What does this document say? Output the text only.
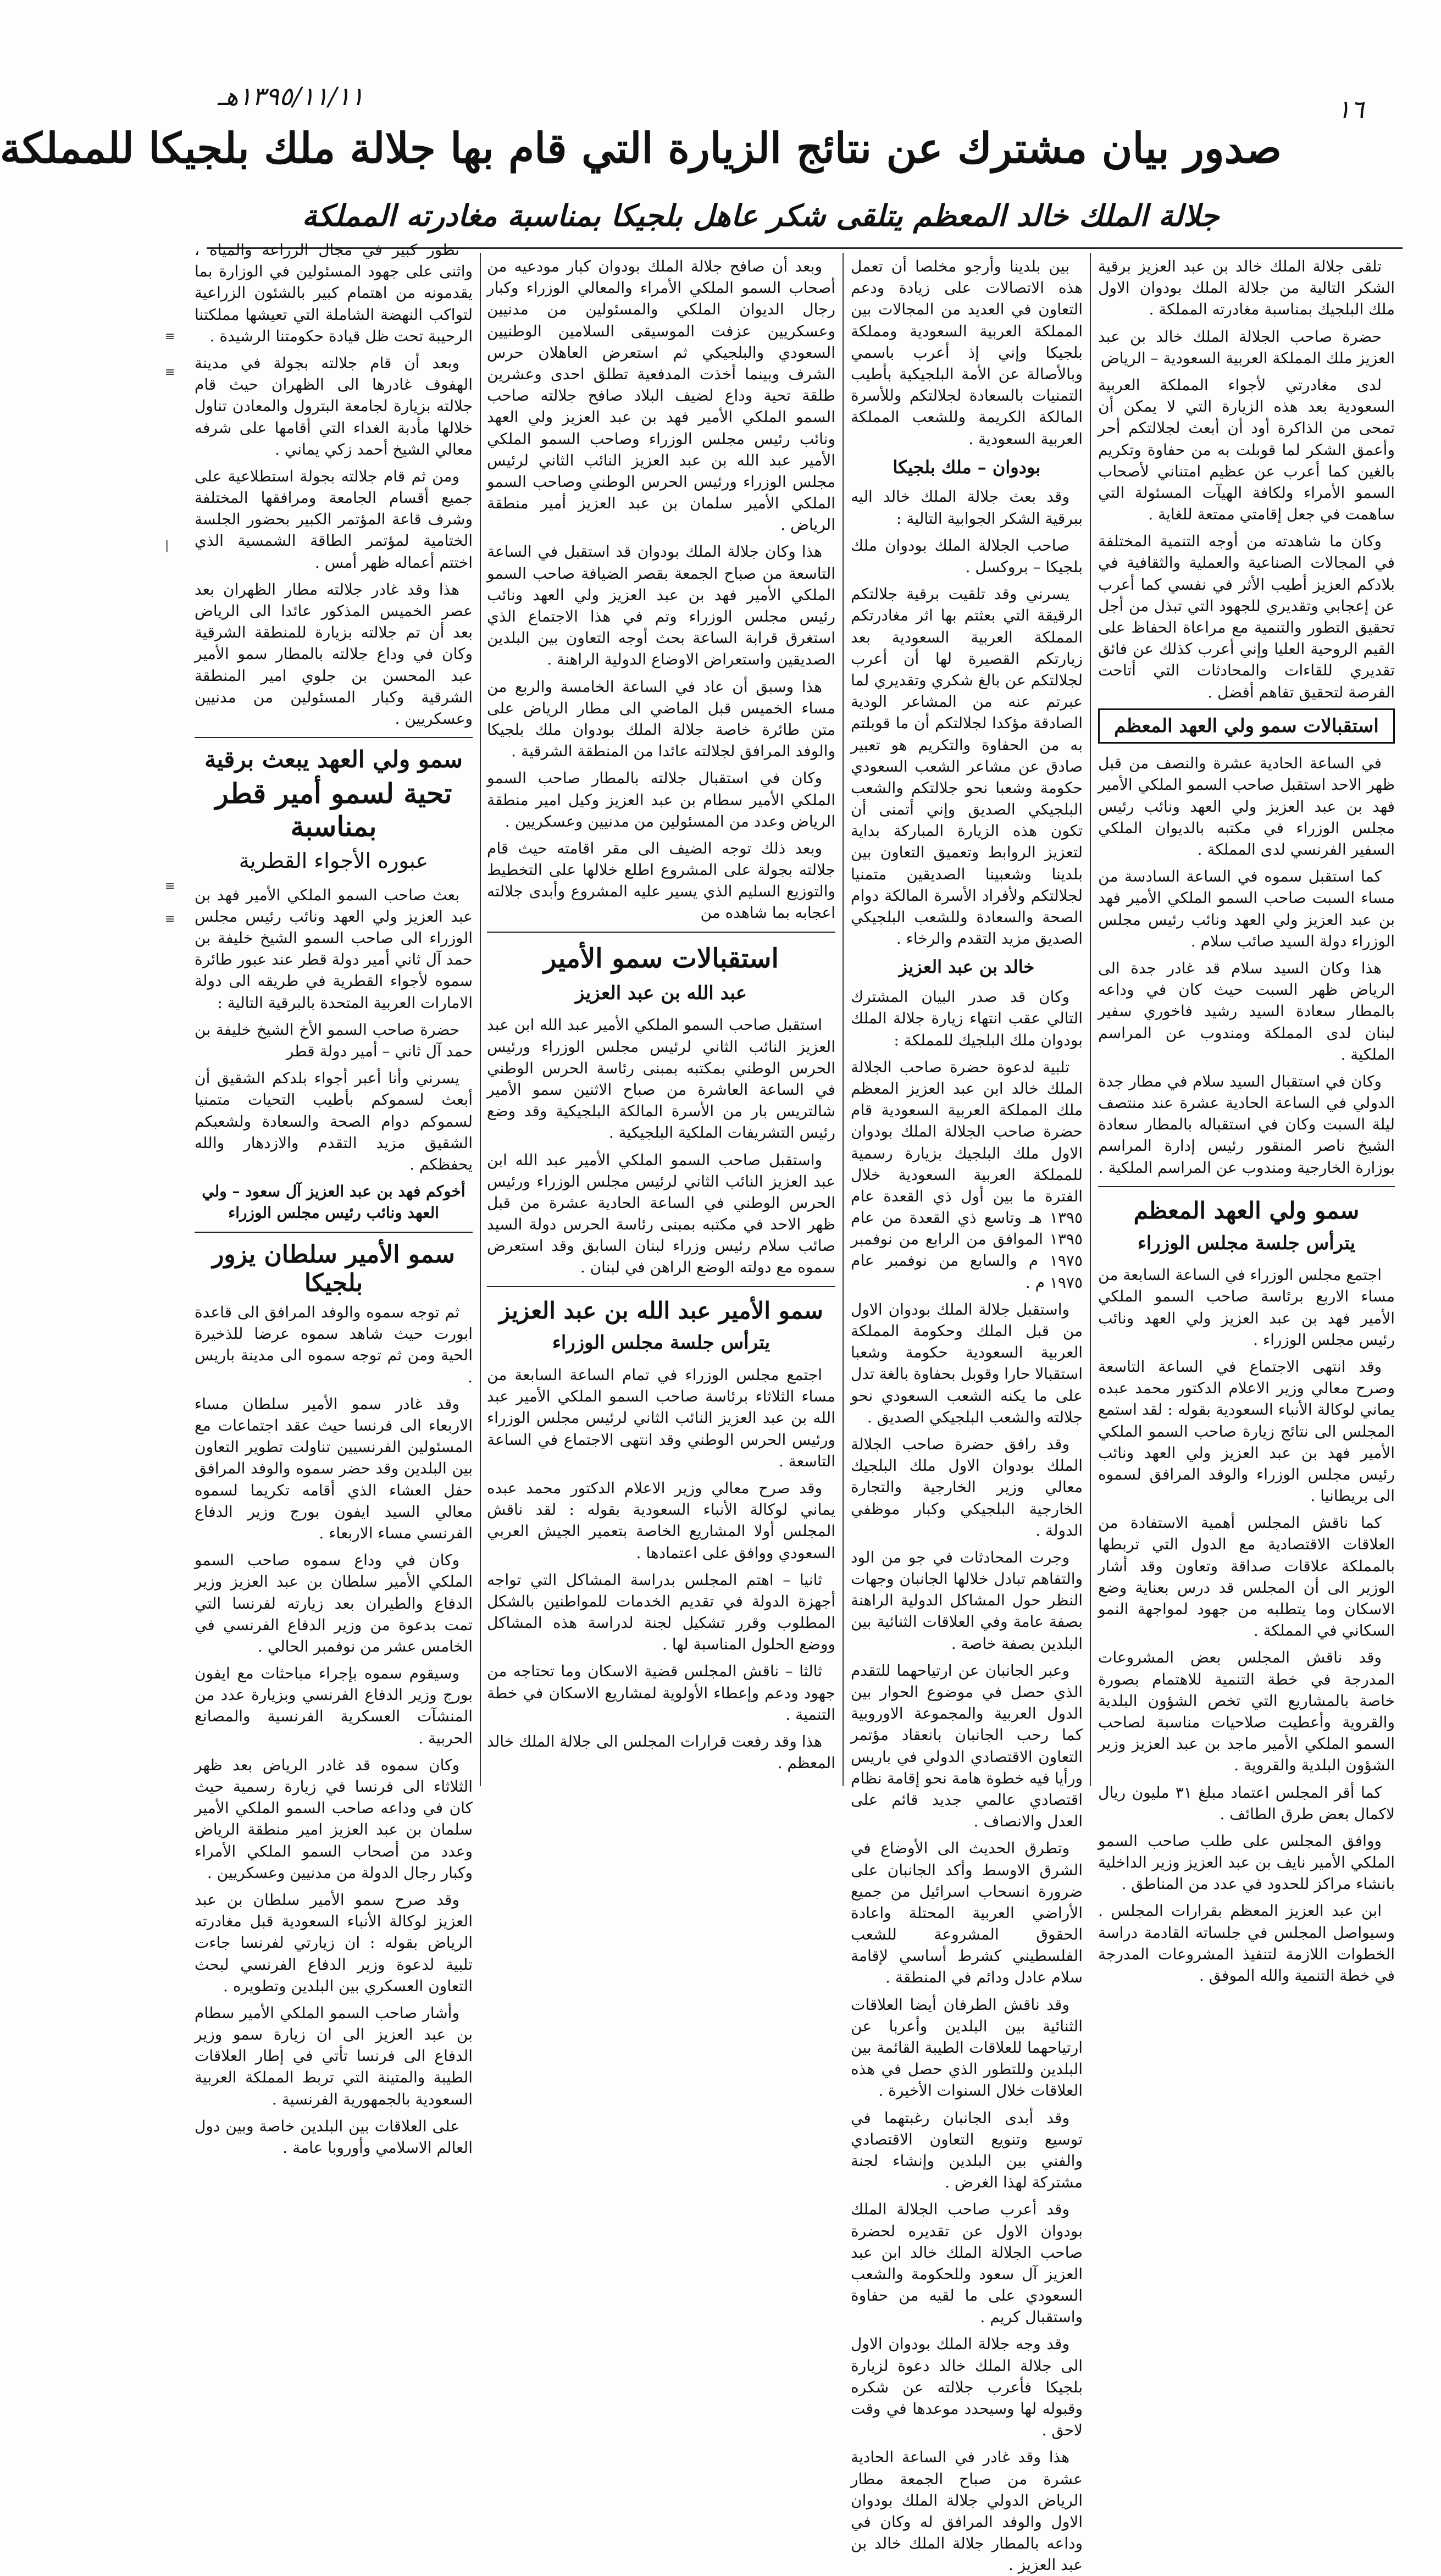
≡
≡
|
≡
≡
١٣٩٥/١١/١١هـ	١٦
صدور بيان مشترك عن نتائج الزيارة التي قام بها جلالة ملك بلجيكا للمملكة
جلالة الملك خالد المعظم يتلقى شكر عاهل بلجيكا بمناسبة مغادرته المملكة

تلقى جلالة الملك خالد بن عبد العزيز برقية الشكر التالية من جلالة الملك بودوان الاول ملك البلجيك بمناسبة مغادرته المملكة .

حضرة صاحب الجلالة الملك خالد بن عبد العزيز ملك المملكة العربية السعودية – الرياض

لدى مغادرتي لأجواء المملكة العربية السعودية بعد هذه الزيارة التي لا يمكن أن تمحى من الذاكرة أود أن أبعث لجلالتكم أحر وأعمق الشكر لما قوبلت به من حفاوة وتكريم بالغين كما أعرب عن عظيم امتناني لأصحاب السمو الأمراء ولكافة الهيآت المسئولة التي ساهمت في جعل إقامتي ممتعة للغاية .

وكان ما شاهدته من أوجه التنمية المختلفة في المجالات الصناعية والعملية والثقافية في بلادكم العزيز أطيب الأثر في نفسي كما أعرب عن إعجابي وتقديري للجهود التي تبذل من أجل تحقيق التطور والتنمية مع مراعاة الحفاظ على القيم الروحية العليا وإني أعرب كذلك عن فائق تقديري للقاءات والمحادثات التي أتاحت الفرصة لتحقيق تفاهم أفضل .

استقبالات سمو ولي العهد المعظم

في الساعة الحادية عشرة والنصف من قبل ظهر الاحد استقبل صاحب السمو الملكي الأمير فهد بن عبد العزيز ولي العهد ونائب رئيس مجلس الوزراء في مكتبه بالديوان الملكي السفير الفرنسي لدى المملكة .

كما استقبل سموه في الساعة السادسة من مساء السبت صاحب السمو الملكي الأمير فهد بن عبد العزيز ولي العهد ونائب رئيس مجلس الوزراء دولة السيد صائب سلام .

هذا وكان السيد سلام قد غادر جدة الى الرياض ظهر السبت حيث كان في وداعه بالمطار سعادة السيد رشيد فاخوري سفير لبنان لدى المملكة ومندوب عن المراسم الملكية .

وكان في استقبال السيد سلام في مطار جدة الدولي في الساعة الحادية عشرة عند منتصف ليلة السبت وكان في استقباله بالمطار سعادة الشيخ ناصر المنقور رئيس إدارة المراسم بوزارة الخارجية ومندوب عن المراسم الملكية .

سمو ولي العهد المعظم
يترأس جلسة مجلس الوزراء

اجتمع مجلس الوزراء في الساعة السابعة من مساء الاربع برئاسة صاحب السمو الملكي الأمير فهد بن عبد العزيز ولي العهد ونائب رئيس مجلس الوزراء .

وقد انتهى الاجتماع في الساعة التاسعة وصرح معالي وزير الاعلام الدكتور محمد عبده يماني لوكالة الأنباء السعودية بقوله : لقد استمع المجلس الى نتائج زيارة صاحب السمو الملكي الأمير فهد بن عبد العزيز ولي العهد ونائب رئيس مجلس الوزراء والوفد المرافق لسموه الى بريطانيا .

كما ناقش المجلس أهمية الاستفادة من العلاقات الاقتصادية مع الدول التي تربطها بالمملكة علاقات صداقة وتعاون وقد أشار الوزير الى أن المجلس قد درس بعناية وضع الاسكان وما يتطلبه من جهود لمواجهة النمو السكاني في المملكة .

وقد ناقش المجلس بعض المشروعات المدرجة في خطة التنمية للاهتمام بصورة خاصة بالمشاريع التي تخص الشؤون البلدية والقروية وأعطيت صلاحيات مناسبة لصاحب السمو الملكي الأمير ماجد بن عبد العزيز وزير الشؤون البلدية والقروية .

كما أقر المجلس اعتماد مبلغ ٣١ مليون ريال لاكمال بعض طرق الطائف .

ووافق المجلس على طلب صاحب السمو الملكي الأمير نايف بن عبد العزيز وزير الداخلية بانشاء مراكز للحدود في عدد من المناطق .

ابن عبد العزيز المعظم بقرارات المجلس . وسيواصل المجلس في جلساته القادمة دراسة الخطوات اللازمة لتنفيذ المشروعات المدرجة في خطة التنمية والله الموفق .

بين بلدينا وأرجو مخلصا أن تعمل هذه الاتصالات على زيادة ودعم التعاون في العديد من المجالات بين المملكة العربية السعودية ومملكة بلجيكا وإني إذ أعرب باسمي وبالأصالة عن الأمة البلجيكية بأطيب التمنيات بالسعادة لجلالتكم وللأسرة المالكة الكريمة وللشعب المملكة العربية السعودية .

بودوان – ملك بلجيكا

وقد بعث جلالة الملك خالد اليه ببرقية الشكر الجوابية التالية :

صاحب الجلالة الملك بودوان ملك بلجيكا – بروكسل .

يسرني وقد تلقيت برقية جلالتكم الرقيقة التي بعثتم بها اثر مغادرتكم المملكة العربية السعودية بعد زيارتكم القصيرة لها أن أعرب لجلالتكم عن بالغ شكري وتقديري لما عبرتم عنه من المشاعر الودية الصادقة مؤكدا لجلالتكم أن ما قوبلتم به من الحفاوة والتكريم هو تعبير صادق عن مشاعر الشعب السعودي حكومة وشعبا نحو جلالتكم والشعب البلجيكي الصديق وإني أتمنى أن تكون هذه الزيارة المباركة بداية لتعزيز الروابط وتعميق التعاون بين بلدينا وشعبينا الصديقين متمنيا لجلالتكم ولأفراد الأسرة المالكة دوام الصحة والسعادة وللشعب البلجيكي الصديق مزيد التقدم والرخاء .

خالد بن عبد العزيز

وكان قد صدر البيان المشترك التالي عقب انتهاء زيارة جلالة الملك بودوان ملك البلجيك للمملكة :

تلبية لدعوة حضرة صاحب الجلالة الملك خالد ابن عبد العزيز المعظم ملك المملكة العربية السعودية قام حضرة صاحب الجلالة الملك بودوان الاول ملك البلجيك بزيارة رسمية للمملكة العربية السعودية خلال الفترة ما بين أول ذي القعدة عام ١٣٩٥ هـ وتاسع ذي القعدة من عام ١٣٩٥ الموافق من الرابع من نوفمبر ١٩٧٥ م والسابع من نوفمبر عام ١٩٧٥ م .

واستقبل جلالة الملك بودوان الاول من قبل الملك وحكومة المملكة العربية السعودية حكومة وشعبا استقبالا حارا وقوبل بحفاوة بالغة تدل على ما يكنه الشعب السعودي نحو جلالته والشعب البلجيكي الصديق .

وقد رافق حضرة صاحب الجلالة الملك بودوان الاول ملك البلجيك معالي وزير الخارجية والتجارة الخارجية البلجيكي وكبار موظفي الدولة .

وجرت المحادثات في جو من الود والتفاهم تبادل خلالها الجانبان وجهات النظر حول المشاكل الدولية الراهنة بصفة عامة وفي العلاقات الثنائية بين البلدين بصفة خاصة .

وعبر الجانبان عن ارتياحهما للتقدم الذي حصل في موضوع الحوار بين الدول العربية والمجموعة الاوروبية كما رحب الجانبان بانعقاد مؤتمر التعاون الاقتصادي الدولي في باريس ورأيا فيه خطوة هامة نحو إقامة نظام اقتصادي عالمي جديد قائم على العدل والانصاف .

وتطرق الحديث الى الأوضاع في الشرق الاوسط وأكد الجانبان على ضرورة انسحاب اسرائيل من جميع الأراضي العربية المحتلة واعادة الحقوق المشروعة للشعب الفلسطيني كشرط أساسي لإقامة سلام عادل ودائم في المنطقة .

وقد ناقش الطرفان أيضا العلاقات الثنائية بين البلدين وأعربا عن ارتياحهما للعلاقات الطيبة القائمة بين البلدين وللتطور الذي حصل في هذه العلاقات خلال السنوات الأخيرة .

وقد أبدى الجانبان رغبتهما في توسيع وتنويع التعاون الاقتصادي والفني بين البلدين وإنشاء لجنة مشتركة لهذا الغرض .

وقد أعرب صاحب الجلالة الملك بودوان الاول عن تقديره لحضرة صاحب الجلالة الملك خالد ابن عبد العزيز آل سعود وللحكومة والشعب السعودي على ما لقيه من حفاوة واستقبال كريم .

وقد وجه جلالة الملك بودوان الاول الى جلالة الملك خالد دعوة لزيارة بلجيكا فأعرب جلالته عن شكره وقبوله لها وسيحدد موعدها في وقت لاحق .

هذا وقد غادر في الساعة الحادية عشرة من صباح الجمعة مطار الرياض الدولي جلالة الملك بودوان الاول والوفد المرافق له وكان في وداعه بالمطار جلالة الملك خالد بن عبد العزيز .

وبعد أن صافح جلالة الملك بودوان كبار مودعيه من أصحاب السمو الملكي الأمراء والمعالي الوزراء وكبار رجال الديوان الملكي والمسئولين من مدنيين وعسكريين عزفت الموسيقى السلامين الوطنيين السعودي والبلجيكي ثم استعرض العاهلان حرس الشرف وبينما أخذت المدفعية تطلق احدى وعشرين طلقة تحية وداع لضيف البلاد صافح جلالته صاحب السمو الملكي الأمير فهد بن عبد العزيز ولي العهد ونائب رئيس مجلس الوزراء وصاحب السمو الملكي الأمير عبد الله بن عبد العزيز النائب الثاني لرئيس مجلس الوزراء ورئيس الحرس الوطني وصاحب السمو الملكي الأمير سلمان بن عبد العزيز أمير منطقة الرياض .

هذا وكان جلالة الملك بودوان قد استقبل في الساعة التاسعة من صباح الجمعة بقصر الضيافة صاحب السمو الملكي الأمير فهد بن عبد العزيز ولي العهد ونائب رئيس مجلس الوزراء وتم في هذا الاجتماع الذي استغرق قرابة الساعة بحث أوجه التعاون بين البلدين الصديقين واستعراض الاوضاع الدولية الراهنة .

هذا وسبق أن عاد في الساعة الخامسة والربع من مساء الخميس قبل الماضي الى مطار الرياض على متن طائرة خاصة جلالة الملك بودوان ملك بلجيكا والوفد المرافق لجلالته عائدا من المنطقة الشرقية .

وكان في استقبال جلالته بالمطار صاحب السمو الملكي الأمير سطام بن عبد العزيز وكيل امير منطقة الرياض وعدد من المسئولين من مدنيين وعسكريين .

وبعد ذلك توجه الضيف الى مقر اقامته حيث قام جلالته بجولة على المشروع اطلع خلالها على التخطيط والتوزيع السليم الذي يسير عليه المشروع وأبدى جلالته اعجابه بما شاهده من

استقبالات سمو الأمير
عبد الله بن عبد العزيز

استقبل صاحب السمو الملكي الأمير عبد الله ابن عبد العزيز النائب الثاني لرئيس مجلس الوزراء ورئيس الحرس الوطني بمكتبه بمبنى رئاسة الحرس الوطني في الساعة العاشرة من صباح الاثنين سمو الأمير شالتريس بار من الأسرة المالكة البلجيكية وقد وضع رئيس التشريفات الملكية البلجيكية .

واستقبل صاحب السمو الملكي الأمير عبد الله ابن عبد العزيز النائب الثاني لرئيس مجلس الوزراء ورئيس الحرس الوطني في الساعة الحادية عشرة من قبل ظهر الاحد في مكتبه بمبنى رئاسة الحرس دولة السيد صائب سلام رئيس وزراء لبنان السابق وقد استعرض سموه مع دولته الوضع الراهن في لبنان .

سمو الأمير عبد الله بن عبد العزيز
يترأس جلسة مجلس الوزراء

اجتمع مجلس الوزراء في تمام الساعة السابعة من مساء الثلاثاء برئاسة صاحب السمو الملكي الأمير عبد الله بن عبد العزيز النائب الثاني لرئيس مجلس الوزراء ورئيس الحرس الوطني وقد انتهى الاجتماع في الساعة التاسعة .

وقد صرح معالي وزير الاعلام الدكتور محمد عبده يماني لوكالة الأنباء السعودية بقوله : لقد ناقش المجلس أولا المشاريع الخاصة بتعمير الجيش العربي السعودي ووافق على اعتمادها .

ثانيا – اهتم المجلس بدراسة المشاكل التي تواجه أجهزة الدولة في تقديم الخدمات للمواطنين بالشكل المطلوب وقرر تشكيل لجنة لدراسة هذه المشاكل ووضع الحلول المناسبة لها .

ثالثا – ناقش المجلس قضية الاسكان وما تحتاجه من جهود ودعم وإعطاء الأولوية لمشاريع الاسكان في خطة التنمية .

هذا وقد رفعت قرارات المجلس الى جلالة الملك خالد المعظم .

تطور كبير في مجال الزراعة والمياه ، واثنى على جهود المسئولين في الوزارة بما يقدمونه من اهتمام كبير بالشئون الزراعية لتواكب النهضة الشاملة التي تعيشها مملكتنا الرحيبة تحت ظل قيادة حكومتنا الرشيدة .

وبعد أن قام جلالته بجولة في مدينة الهفوف غادرها الى الظهران حيث قام جلالته بزيارة لجامعة البترول والمعادن تناول خلالها مأدبة الغداء التي أقامها على شرفه معالي الشيخ أحمد زكي يماني .

ومن ثم قام جلالته بجولة استطلاعية على جميع أقسام الجامعة ومرافقها المختلفة وشرف قاعة المؤتمر الكبير بحضور الجلسة الختامية لمؤتمر الطاقة الشمسية الذي اختتم أعماله ظهر أمس .

هذا وقد غادر جلالته مطار الظهران بعد عصر الخميس المذكور عائدا الى الرياض بعد أن تم جلالته بزيارة للمنطقة الشرقية وكان في وداع جلالته بالمطار سمو الأمير عبد المحسن بن جلوي امير المنطقة الشرقية وكبار المسئولين من مدنيين وعسكريين .

سمو ولي العهد يبعث برقية
تحية لسمو أمير قطر بمناسبة
عبوره الأجواء القطرية

بعث صاحب السمو الملكي الأمير فهد بن عبد العزيز ولي العهد ونائب رئيس مجلس الوزراء الى صاحب السمو الشيخ خليفة بن حمد آل ثاني أمير دولة قطر عند عبور طائرة سموه لأجواء القطرية في طريقه الى دولة الامارات العربية المتحدة بالبرقية التالية :

حضرة صاحب السمو الأخ الشيخ خليفة بن حمد آل ثاني – أمير دولة قطر

يسرني وأنا أعبر أجواء بلدكم الشقيق أن أبعث لسموكم بأطيب التحيات متمنيا لسموكم دوام الصحة والسعادة ولشعبكم الشقيق مزيد التقدم والازدهار والله يحفظكم .

أخوكم فهد بن عبد العزيز آل سعود – ولي العهد ونائب رئيس مجلس الوزراء

سمو الأمير سلطان يزور بلجيكا

ثم توجه سموه والوفد المرافق الى قاعدة ابورت حيث شاهد سموه عرضا للذخيرة الحية ومن ثم توجه سموه الى مدينة باريس .

وقد غادر سمو الأمير سلطان مساء الاربعاء الى فرنسا حيث عقد اجتماعات مع المسئولين الفرنسيين تناولت تطوير التعاون بين البلدين وقد حضر سموه والوفد المرافق حفل العشاء الذي أقامه تكريما لسموه معالي السيد ايفون بورج وزير الدفاع الفرنسي مساء الاربعاء .

وكان في وداع سموه صاحب السمو الملكي الأمير سلطان بن عبد العزيز وزير الدفاع والطيران بعد زيارته لفرنسا التي تمت بدعوة من وزير الدفاع الفرنسي في الخامس عشر من نوفمبر الحالي .

وسيقوم سموه بإجراء مباحثات مع ايفون بورج وزير الدفاع الفرنسي وبزيارة عدد من المنشآت العسكرية الفرنسية والمصانع الحربية .

وكان سموه قد غادر الرياض بعد ظهر الثلاثاء الى فرنسا في زيارة رسمية حيث كان في وداعه صاحب السمو الملكي الأمير سلمان بن عبد العزيز امير منطقة الرياض وعدد من أصحاب السمو الملكي الأمراء وكبار رجال الدولة من مدنيين وعسكريين .

وقد صرح سمو الأمير سلطان بن عبد العزيز لوكالة الأنباء السعودية قبل مغادرته الرياض بقوله : ان زيارتي لفرنسا جاءت تلبية لدعوة وزير الدفاع الفرنسي لبحث التعاون العسكري بين البلدين وتطويره .

وأشار صاحب السمو الملكي الأمير سطام بن عبد العزيز الى ان زيارة سمو وزير الدفاع الى فرنسا تأتي في إطار العلاقات الطيبة والمتينة التي تربط المملكة العربية السعودية بالجمهورية الفرنسية .

على العلاقات بين البلدين خاصة وبين دول العالم الاسلامي وأوروبا عامة .
